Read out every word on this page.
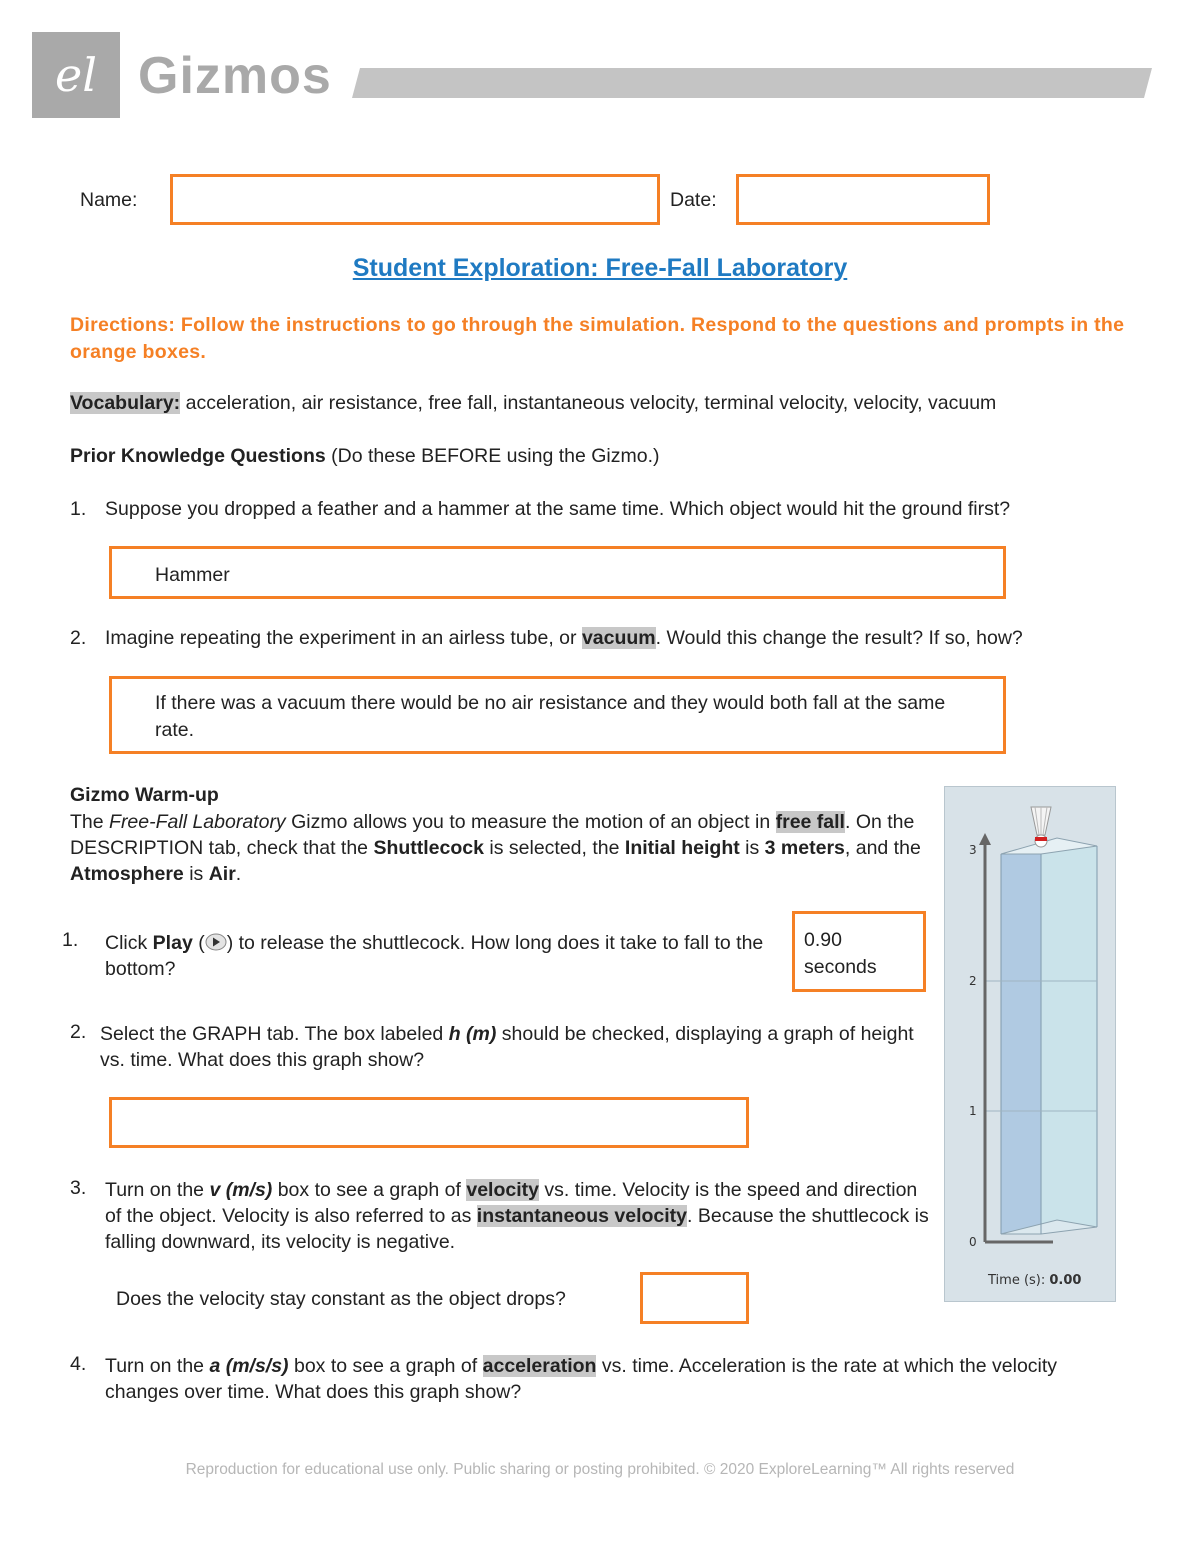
el Gizmos
Name:	Date:
Student Exploration: Free-Fall Laboratory
Directions: Follow the instructions to go through the simulation. Respond to the questions and prompts in the orange boxes.
Vocabulary: acceleration, air resistance, free fall, instantaneous velocity, terminal velocity, velocity, vacuum
Prior Knowledge Questions (Do these BEFORE using the Gizmo.)
1. Suppose you dropped a feather and a hammer at the same time. Which object would hit the ground first?
Hammer
2. Imagine repeating the experiment in an airless tube, or vacuum. Would this change the result? If so, how?
If there was a vacuum there would be no air resistance and they would both fall at the same rate.
Gizmo Warm-up
The Free-Fall Laboratory Gizmo allows you to measure the motion of an object in free fall. On the DESCRIPTION tab, check that the Shuttlecock is selected, the Initial height is 3 meters, and the Atmosphere is Air.
1. Click Play ( ) to release the shuttlecock. How long does it take to fall to the bottom?
0.90
seconds
2. Select the GRAPH tab. The box labeled h (m) should be checked, displaying a graph of height vs. time. What does this graph show?
3. Turn on the v (m/s) box to see a graph of velocity vs. time. Velocity is the speed and direction of the object. Velocity is also referred to as instantaneous velocity. Because the shuttlecock is falling downward, its velocity is negative.
Does the velocity stay constant as the object drops?
4. Turn on the a (m/s/s) box to see a graph of acceleration vs. time. Acceleration is the rate at which the velocity changes over time. What does this graph show?
3
2
1
0
Time (s): 0.00
Reproduction for educational use only. Public sharing or posting prohibited. © 2020 ExploreLearning™ All rights reserved
